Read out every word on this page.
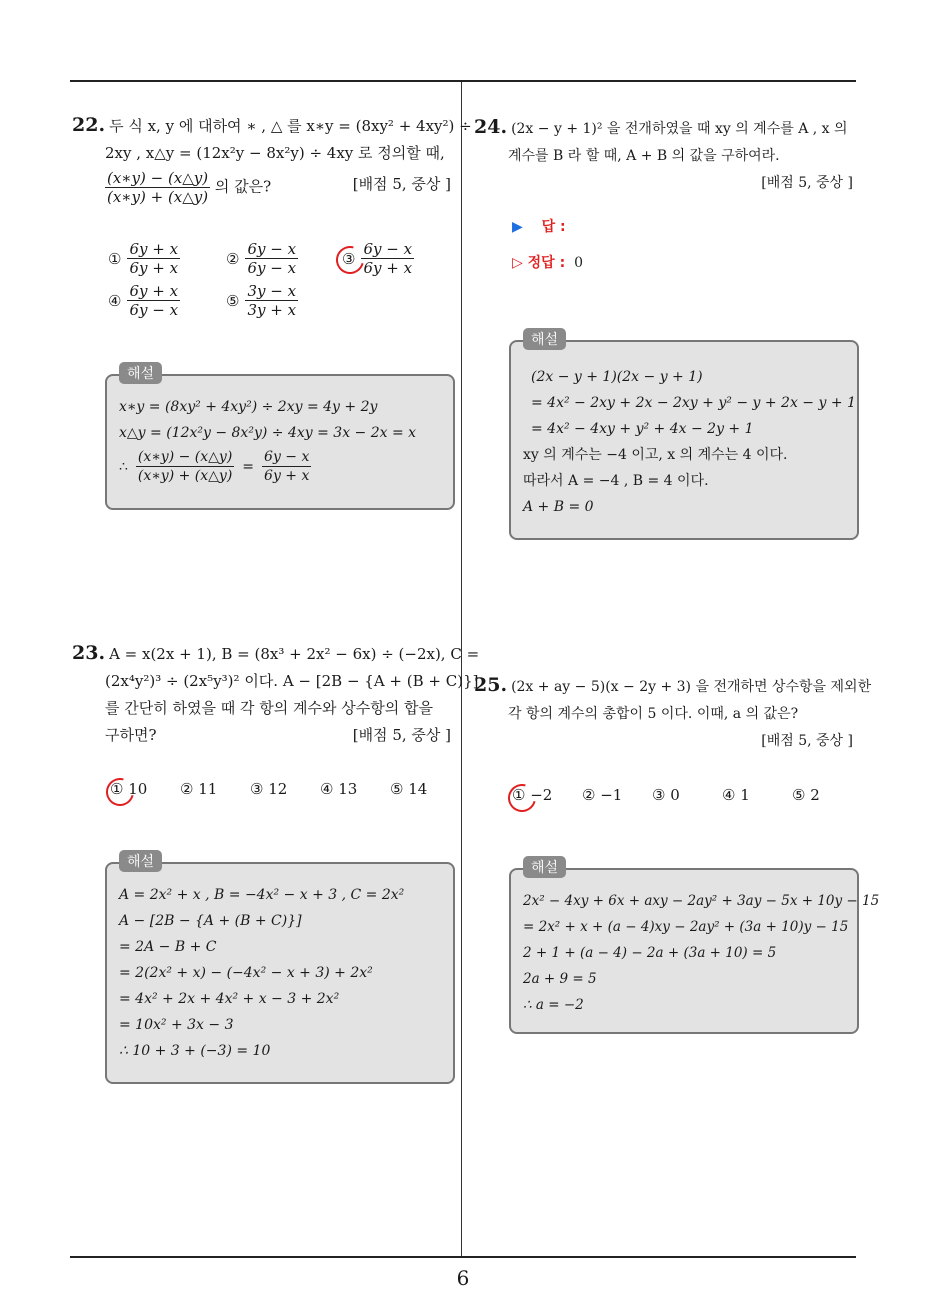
22. 두 식 x, y 에 대하여 ∗ , △ 를 x∗y = (8xy² + 4xy²) ÷
2xy , x△y = (12x²y − 8x²y) ÷ 4xy 로 정의할 때,
$\frac{(x∗y) - (x\triangle y)}{(x∗y) + (x\triangle y)}$ 의 값은?	[배점 5, 중상 ]
① $\frac{6y + x}{6y + x}$	② $\frac{6y - x}{6y - x}$	③ $\frac{6y - x}{6y + x}$
④ $\frac{6y + x}{6y - x}$	⑤ $\frac{3y - x}{3y + x}$
해설
x∗y = (8xy² + 4xy²) ÷ 2xy = 4y + 2y
x△y = (12x²y − 8x²y) ÷ 4xy = 3x − 2x = x
∴ $\frac{(x∗y) - (x\triangle y)}{(x∗y) + (x\triangle y)} = \frac{6y - x}{6y + x}$
23. A = x(2x + 1), B = (8x³ + 2x² − 6x) ÷ (−2x), C =
(2x⁴y²)³ ÷ (2x⁵y³)² 이다. A − [2B − {A + (B + C)}]
를 간단히 하였을 때 각 항의 계수와 상수항의 합을
구하면?	[배점 5, 중상 ]
① 10 ② 11 ③ 12 ④ 13 ⑤ 14
해설
A = 2x² + x , B = −4x² − x + 3 , C = 2x²
A − [2B − {A + (B + C)}]
= 2A − B + C
= 2(2x² + x) − (−4x² − x + 3) + 2x²
= 4x² + 2x + 4x² + x − 3 + 2x²
= 10x² + 3x − 3
∴ 10 + 3 + (−3) = 10
24. (2x − y + 1)² 을 전개하였을 때 xy 의 계수를 A , x 의
계수를 B 라 할 때, A + B 의 값을 구하여라.
[배점 5, 중상 ]
▶ 답 :
▷ 정답 : 0
해설
(2x − y + 1)(2x − y + 1)
= 4x² − 2xy + 2x − 2xy + y² − y + 2x − y + 1
= 4x² − 4xy + y² + 4x − 2y + 1
xy 의 계수는 −4 이고, x 의 계수는 4 이다.
따라서 A = −4 , B = 4 이다.
A + B = 0
25. (2x + ay − 5)(x − 2y + 3) 을 전개하면 상수항을 제외한
각 항의 계수의 총합이 5 이다. 이때, a 의 값은?
[배점 5, 중상 ]
① −2 ② −1 ③ 0	④ 1	⑤ 2
해설
2x² − 4xy + 6x + axy − 2ay² + 3ay − 5x + 10y − 15
= 2x² + x + (a − 4)xy − 2ay² + (3a + 10)y − 15
2 + 1 + (a − 4) − 2a + (3a + 10) = 5
2a + 9 = 5
∴ a = −2
6
